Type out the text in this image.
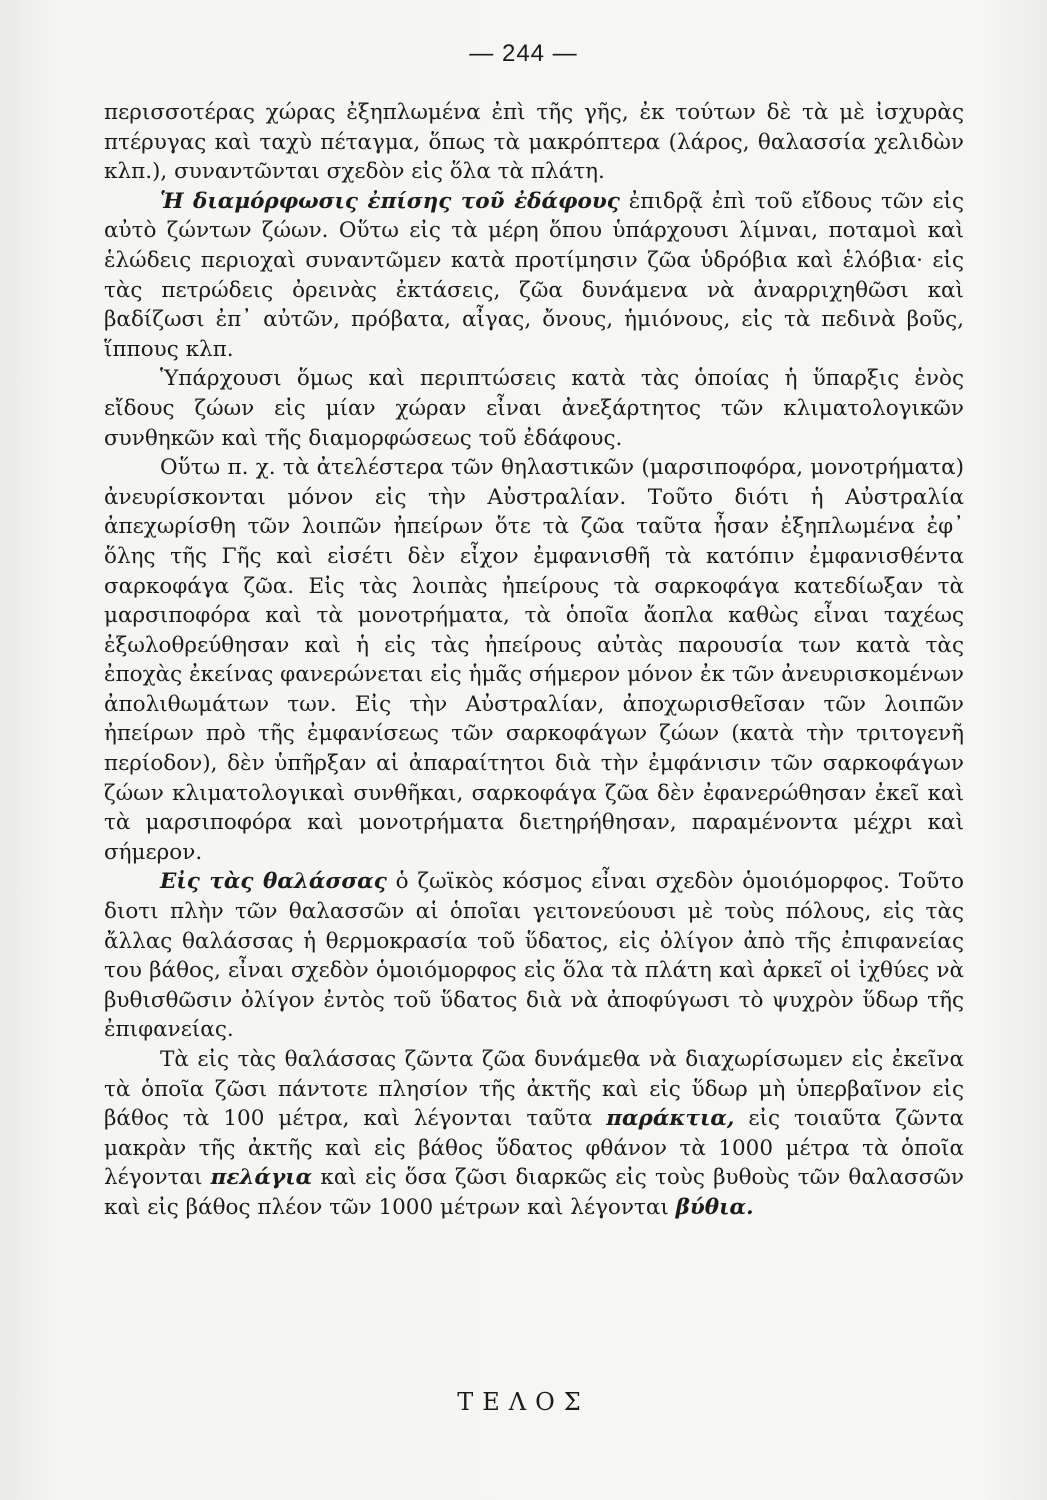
— 244 —

περισσοτέρας χώρας ἐξηπλωμένα ἐπὶ τῆς γῆς, ἐκ τούτων δὲ τὰ μὲ ἰσχυρὰς πτέρυγας καὶ ταχὺ πέταγμα, ὅπως τὰ μακρόπτερα (λάρος, θαλασσία χελιδὼν κλπ.), συναντῶνται σχεδὸν εἰς ὅλα τὰ πλάτη.

Ἡ διαμόρφωσις ἐπίσης τοῦ ἐδάφους ἐπιδρᾷ ἐπὶ τοῦ εἴδους τῶν εἰς αὐτὸ ζώντων ζώων. Οὕτω εἰς τὰ μέρη ὅπου ὑπάρχουσι λίμναι, ποταμοὶ καὶ ἑλώδεις περιοχαὶ συναντῶμεν κατὰ προτίμησιν ζῶα ὑδρόβια καὶ ἑλόβια· εἰς τὰς πετρώδεις ὀρεινὰς ἐκτάσεις, ζῶα δυνάμενα νὰ ἀναρριχηθῶσι καὶ βαδίζωσι ἐπ᾽ αὐτῶν, πρόβατα, αἶγας, ὄνους, ἡμιόνους, εἰς τὰ πεδινὰ βοῦς, ἵππους κλπ.

Ὑπάρχουσι ὅμως καὶ περιπτώσεις κατὰ τὰς ὁποίας ἡ ὕπαρξις ἑνὸς εἴδους ζώων εἰς μίαν χώραν εἶναι ἀνεξάρτητος τῶν κλιματολογικῶν συνθηκῶν καὶ τῆς διαμορφώσεως τοῦ ἐδάφους.

Οὕτω π. χ. τὰ ἀτελέστερα τῶν θηλαστικῶν (μαρσιποφόρα, μονοτρήματα) ἀνευρίσκονται μόνον εἰς τὴν Αὐστραλίαν. Τοῦτο διότι ἡ Αὐστραλία ἀπεχωρίσθη τῶν λοιπῶν ἠπείρων ὅτε τὰ ζῶα ταῦτα ἦσαν ἐξηπλωμένα ἐφ᾽ ὅλης τῆς Γῆς καὶ εἰσέτι δὲν εἶχον ἐμφανισθῆ τὰ κατόπιν ἐμφανισθέντα σαρκοφάγα ζῶα. Εἰς τὰς λοιπὰς ἠπείρους τὰ σαρκοφάγα κατεδίωξαν τὰ μαρσιποφόρα καὶ τὰ μονοτρήματα, τὰ ὁποῖα ἄοπλα καθὼς εἶναι ταχέως ἐξωλοθρεύθησαν καὶ ἡ εἰς τὰς ἠπείρους αὐτὰς παρουσία των κατὰ τὰς ἐποχὰς ἐκείνας φανερώνεται εἰς ἡμᾶς σήμερον μόνον ἐκ τῶν ἀνευρισκομένων ἀπολιθωμάτων των. Εἰς τὴν Αὐστραλίαν, ἀποχωρισθεῖσαν τῶν λοιπῶν ἠπείρων πρὸ τῆς ἐμφανίσεως τῶν σαρκοφάγων ζώων (κατὰ τὴν τριτογενῆ περίοδον), δὲν ὑπῆρξαν αἱ ἀπαραίτητοι διὰ τὴν ἐμφάνισιν τῶν σαρκοφάγων ζώων κλιματολογικαὶ συνθῆκαι, σαρκοφάγα ζῶα δὲν ἐφανερώθησαν ἐκεῖ καὶ τὰ μαρσιποφόρα καὶ μονοτρήματα διετηρήθησαν, παραμένοντα μέχρι καὶ σήμερον.

Εἰς τὰς θαλάσσας ὁ ζωϊκὸς κόσμος εἶναι σχεδὸν ὁμοιόμορφος. Τοῦτο διοτι πλὴν τῶν θαλασσῶν αἱ ὁποῖαι γειτονεύουσι μὲ τοὺς πόλους, εἰς τὰς ἄλλας θαλάσσας ἡ θερμοκρασία τοῦ ὕδατος, εἰς ὀλίγον ἀπὸ τῆς ἐπιφανείας του βάθος, εἶναι σχεδὸν ὁμοιόμορφος εἰς ὅλα τὰ πλάτη καὶ ἀρκεῖ οἱ ἰχθύες νὰ βυθισθῶσιν ὀλίγον ἐντὸς τοῦ ὕδατος διὰ νὰ ἀποφύγωσι τὸ ψυχρὸν ὕδωρ τῆς ἐπιφανείας.

Τὰ εἰς τὰς θαλάσσας ζῶντα ζῶα δυνάμεθα νὰ διαχωρίσωμεν εἰς ἐκεῖνα τὰ ὁποῖα ζῶσι πάντοτε πλησίον τῆς ἀκτῆς καὶ εἰς ὕδωρ μὴ ὑπερβαῖνον εἰς βάθος τὰ 100 μέτρα, καὶ λέγονται ταῦτα παράκτια, εἰς τοιαῦτα ζῶντα μακρὰν τῆς ἀκτῆς καὶ εἰς βάθος ὕδατος φθάνον τὰ 1000 μέτρα τὰ ὁποῖα λέγονται πελάγια καὶ εἰς ὅσα ζῶσι διαρκῶς εἰς τοὺς βυθοὺς τῶν θαλασσῶν καὶ εἰς βάθος πλέον τῶν 1000 μέτρων καὶ λέγονται βύθια.

ΤΕΛΟΣ
